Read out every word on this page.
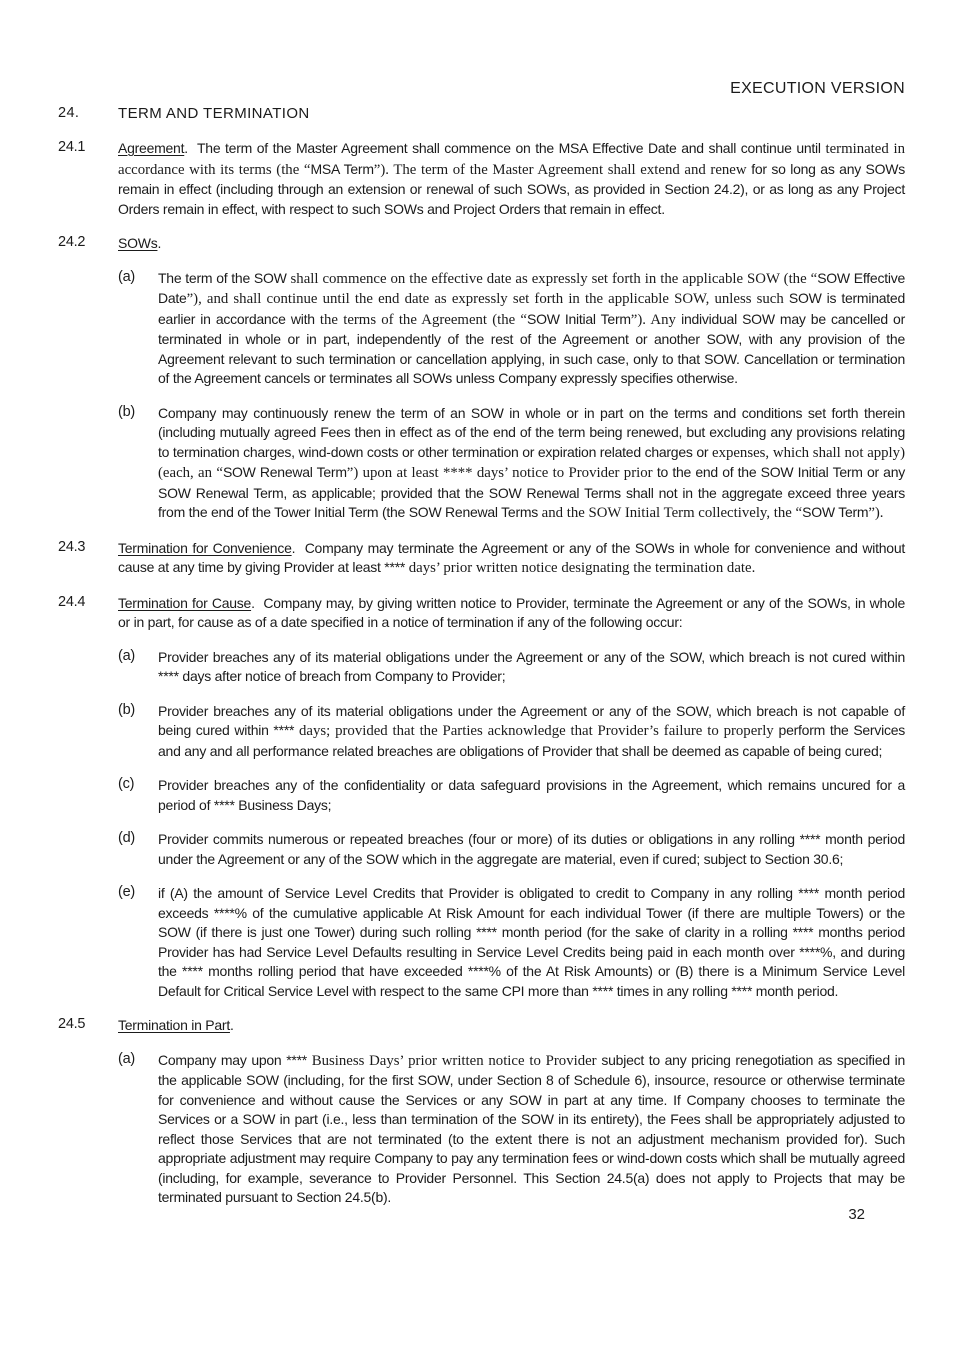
EXECUTION VERSION
24.	TERM AND TERMINATION
24.1	Agreement.  The term of the Master Agreement shall commence on the MSA Effective Date and shall continue until terminated in accordance with its terms (the “MSA Term”). The term of the Master Agreement shall extend and renew for so long as any SOWs remain in effect (including through an extension or renewal of such SOWs, as provided in Section 24.2), or as long as any Project Orders remain in effect, with respect to such SOWs and Project Orders that remain in effect.
24.2	SOWs.
(a)	The term of the SOW shall commence on the effective date as expressly set forth in the applicable SOW (the “SOW Effective Date”), and shall continue until the end date as expressly set forth in the applicable SOW, unless such SOW is terminated earlier in accordance with the terms of the Agreement (the “SOW Initial Term”). Any individual SOW may be cancelled or terminated in whole or in part, independently of the rest of the Agreement or another SOW, with any provision of the Agreement relevant to such termination or cancellation applying, in such case, only to that SOW. Cancellation or termination of the Agreement cancels or terminates all SOWs unless Company expressly specifies otherwise.
(b)	Company may continuously renew the term of an SOW in whole or in part on the terms and conditions set forth therein (including mutually agreed Fees then in effect as of the end of the term being renewed, but excluding any provisions relating to termination charges, wind-down costs or other termination or expiration related charges or expenses, which shall not apply) (each, an “SOW Renewal Term”) upon at least **** days’ notice to Provider prior to the end of the SOW Initial Term or any SOW Renewal Term, as applicable; provided that the SOW Renewal Terms shall not in the aggregate exceed three years from the end of the Tower Initial Term (the SOW Renewal Terms and the SOW Initial Term collectively, the “SOW Term”).
24.3	Termination for Convenience.  Company may terminate the Agreement or any of the SOWs in whole for convenience and without cause at any time by giving Provider at least **** days’ prior written notice designating the termination date.
24.4	Termination for Cause.  Company may, by giving written notice to Provider, terminate the Agreement or any of the SOWs, in whole or in part, for cause as of a date specified in a notice of termination if any of the following occur:
(a)	Provider breaches any of its material obligations under the Agreement or any of the SOW, which breach is not cured within **** days after notice of breach from Company to Provider;
(b)	Provider breaches any of its material obligations under the Agreement or any of the SOW, which breach is not capable of being cured within **** days; provided that the Parties acknowledge that Provider’s failure to properly perform the Services and any and all performance related breaches are obligations of Provider that shall be deemed as capable of being cured;
(c)	Provider breaches any of the confidentiality or data safeguard provisions in the Agreement, which remains uncured for a period of **** Business Days;
(d)	Provider commits numerous or repeated breaches (four or more) of its duties or obligations in any rolling **** month period under the Agreement or any of the SOW which in the aggregate are material, even if cured; subject to Section 30.6;
(e)	if (A) the amount of Service Level Credits that Provider is obligated to credit to Company in any rolling **** month period exceeds ****% of the cumulative applicable At Risk Amount for each individual Tower (if there are multiple Towers) or the SOW (if there is just one Tower) during such rolling **** month period (for the sake of clarity in a rolling **** months period Provider has had Service Level Defaults resulting in Service Level Credits being paid in each month over ****%, and during the **** months rolling period that have exceeded ****% of the At Risk Amounts) or (B) there is a Minimum Service Level Default for Critical Service Level with respect to the same CPI more than **** times in any rolling **** month period.
24.5	Termination in Part.
(a)	Company may upon **** Business Days’ prior written notice to Provider subject to any pricing renegotiation as specified in the applicable SOW (including, for the first SOW, under Section 8 of Schedule 6), insource, resource or otherwise terminate for convenience and without cause the Services or any SOW in part at any time. If Company chooses to terminate the Services or a SOW in part (i.e., less than termination of the SOW in its entirety), the Fees shall be appropriately adjusted to reflect those Services that are not terminated (to the extent there is not an adjustment mechanism provided for). Such appropriate adjustment may require Company to pay any termination fees or wind-down costs which shall be mutually agreed (including, for example, severance to Provider Personnel. This Section 24.5(a) does not apply to Projects that may be terminated pursuant to Section 24.5(b).
32
